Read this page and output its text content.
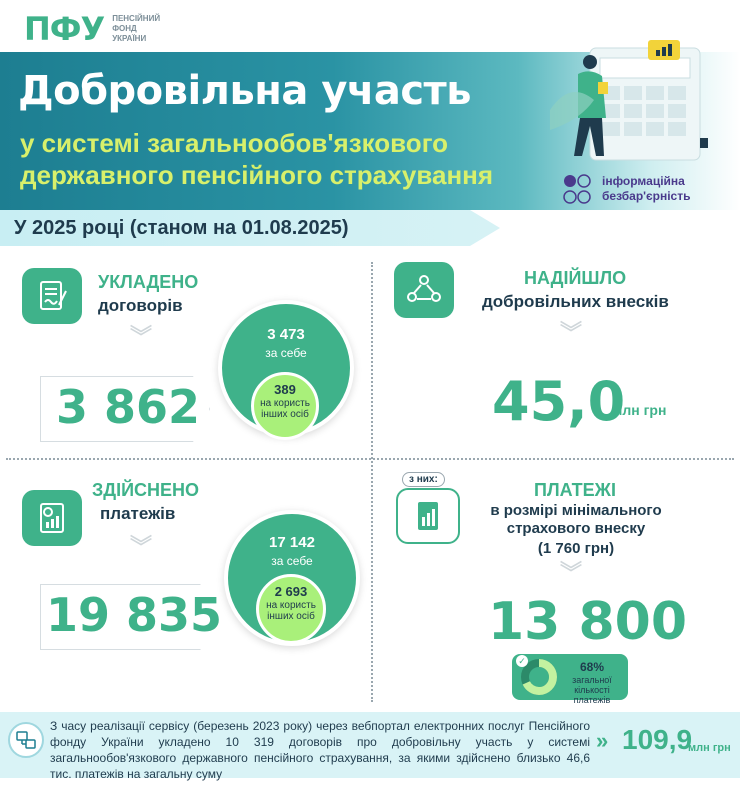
ПФУ ПЕНСІЙНИЙ
ФОНД
УКРАЇНИ
Добровільна участь
у системі загальнообов'язкового
державного пенсійного страхування	інформаційна
безбар'єрність
У 2025 році (станом на 01.08.2025)
УКЛАДЕНО
договорів
︾
3 862
3 473
за себе
389
на користь
інших осіб
НАДІЙШЛО
добровільних внесків
︾
45,0
млн грн
ЗДІЙСНЕНО
платежів
︾
19 835
17 142
за себе
2 693
на користь
інших осіб
з них:
ПЛАТЕЖІ
в розмірі мінімального
страхового внеску
(1 760 грн)
︾
13 800
✓	68%
загальної
кількості платежів
З часу реалізації сервісу (березень 2023 року) через вебпортал електронних послуг Пенсійного фонду України укладено 10 319 договорів про добровільну участь у системі загальнообов'язкового державного пенсійного страхування, за якими здійснено близько 46,6 тис. платежів на загальну суму
» 109,9
млн грн
